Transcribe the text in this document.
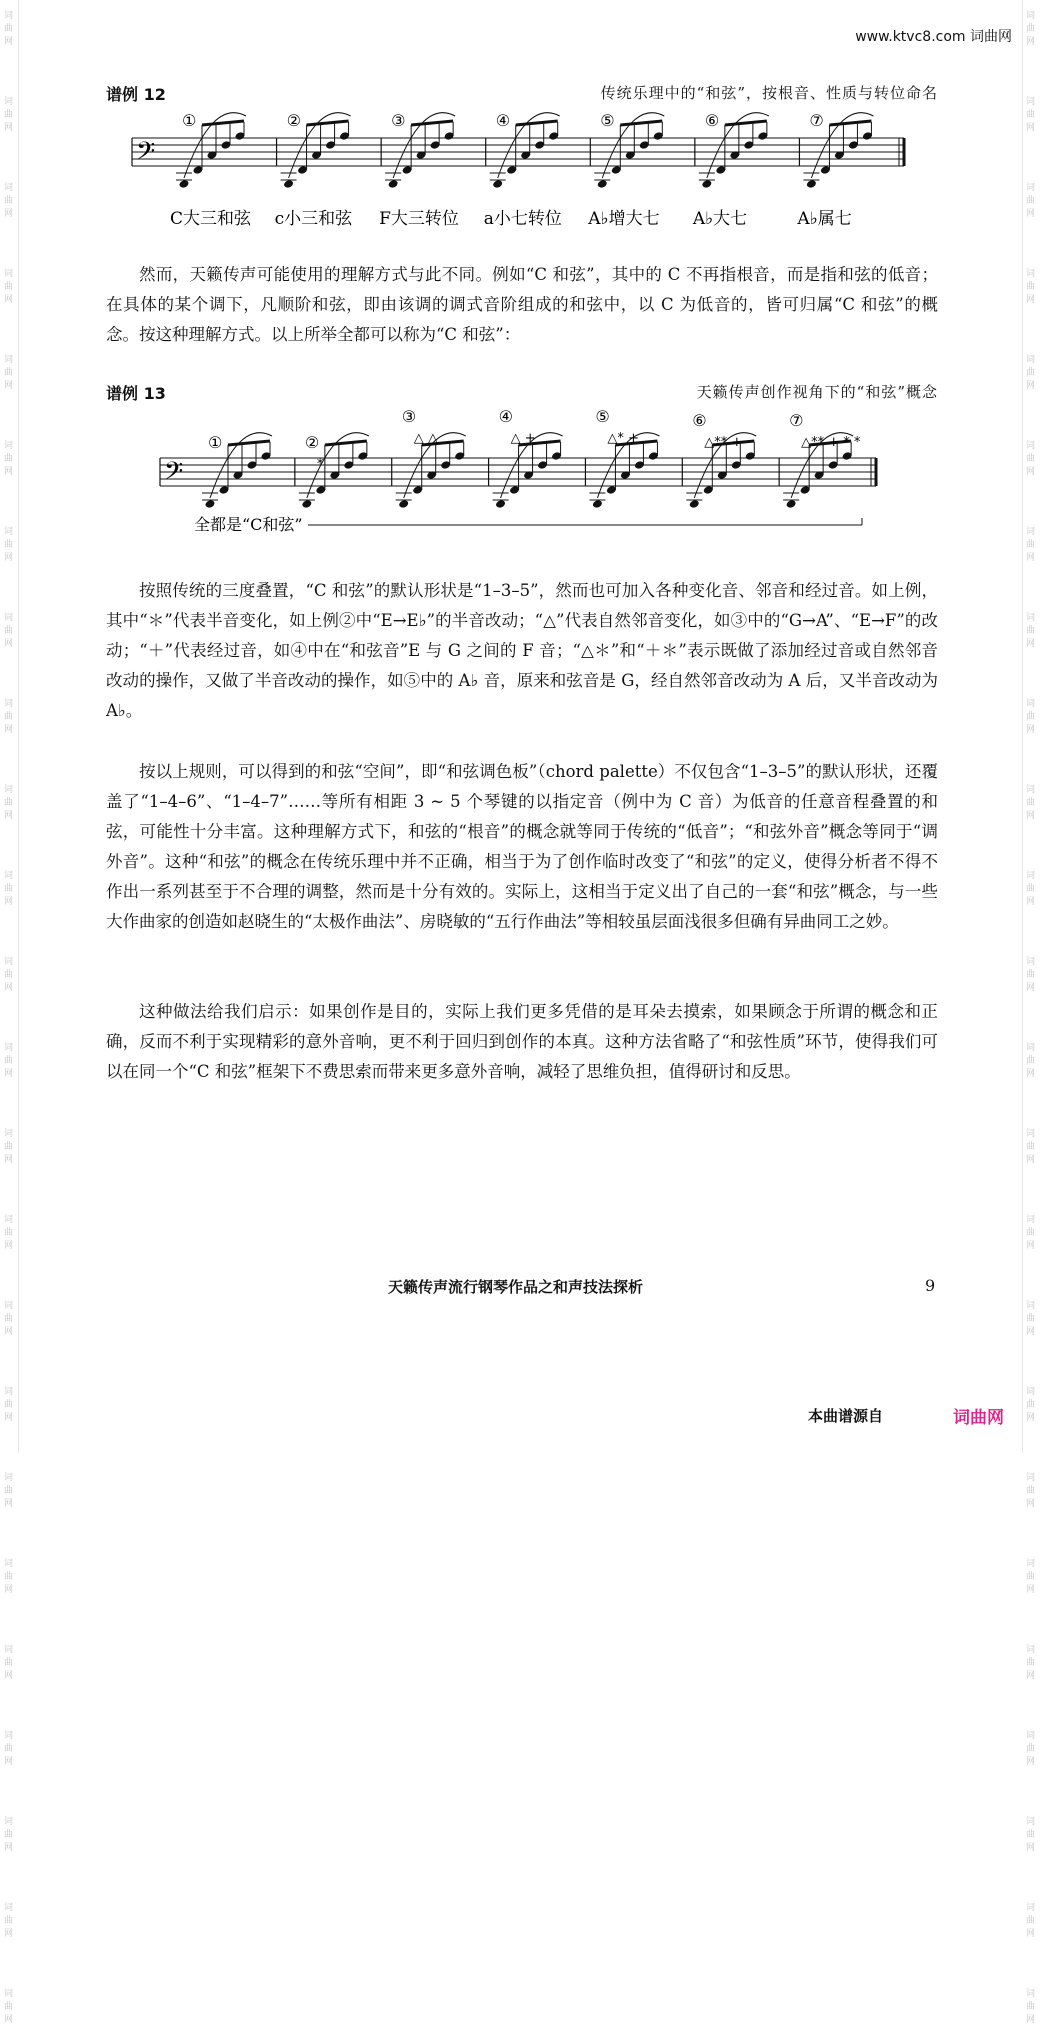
词曲网
词曲网
词曲网
词曲网
词曲网
词曲网
词曲网
词曲网
词曲网
词曲网
词曲网
词曲网
词曲网
词曲网
词曲网
词曲网
词曲网
词曲网
词曲网
词曲网
词曲网
词曲网
词曲网
词曲网
词曲网
词曲网
词曲网
词曲网
词曲网
词曲网
词曲网
词曲网
词曲网
词曲网
词曲网
词曲网
词曲网
词曲网
词曲网
词曲网
词曲网
词曲网
词曲网
词曲网
词曲网
词曲网
词曲网
词曲网
www.ktvc8.com 词曲网
谱例 12	传统乐理中的“和弦”，按根音、性质与转位命名
𝄢
①
C大三和弦
②
c小三和弦
③
F大三转位
④
a小七转位
⑤
A♭增大七
⑥
A♭大七
⑦
A♭属七

然而，天籁传声可能使用的理解方式与此不同。例如“C 和弦”，其中的 C 不再指根音，而是指和弦的低音；在具体的某个调下，凡顺阶和弦，即由该调的调式音阶组成的和弦中，以 C 为低音的，皆可归属“C 和弦”的概念。按这种理解方式。以上所举全都可以称为“C 和弦”：

谱例 13	天籁传声创作视角下的“和弦”概念
𝄢
①	②
*
③
△ △
④
△ +
⑤
△* +
⑥
△** +
⑦
△** + * *
全都是“C和弦”

按照传统的三度叠置，“C 和弦”的默认形状是“1–3–5”，然而也可加入各种变化音、邻音和经过音。如上例，其中“＊”代表半音变化，如上例②中“E→E♭”的半音改动；“△”代表自然邻音变化，如③中的“G→A”、“E→F”的改动；“＋”代表经过音，如④中在“和弦音”E 与 G 之间的 F 音；“△＊”和“＋＊”表示既做了添加经过音或自然邻音改动的操作，又做了半音改动的操作，如⑤中的 A♭ 音，原来和弦音是 G，经自然邻音改动为 A 后，又半音改动为 A♭。

按以上规则，可以得到的和弦“空间”，即“和弦调色板”（chord palette）不仅包含“1–3–5”的默认形状，还覆盖了“1–4–6”、“1–4–7”……等所有相距 3 ~ 5 个琴键的以指定音（例中为 C 音）为低音的任意音程叠置的和弦，可能性十分丰富。这种理解方式下，和弦的“根音”的概念就等同于传统的“低音”；“和弦外音”概念等同于“调外音”。这种“和弦”的概念在传统乐理中并不正确，相当于为了创作临时改变了“和弦”的定义，使得分析者不得不作出一系列甚至于不合理的调整，然而是十分有效的。实际上，这相当于定义出了自己的一套“和弦”概念，与一些大作曲家的创造如赵晓生的“太极作曲法”、房晓敏的“五行作曲法”等相较虽层面浅很多但确有异曲同工之妙。

这种做法给我们启示：如果创作是目的，实际上我们更多凭借的是耳朵去摸索，如果顾念于所谓的概念和正确，反而不利于实现精彩的意外音响，更不利于回归到创作的本真。这种方法省略了“和弦性质”环节，使得我们可以在同一个“C 和弦”框架下不费思索而带来更多意外音响，减轻了思维负担，值得研讨和反思。

天籁传声流行钢琴作品之和声技法探析	9
本曲谱源自	词曲网
